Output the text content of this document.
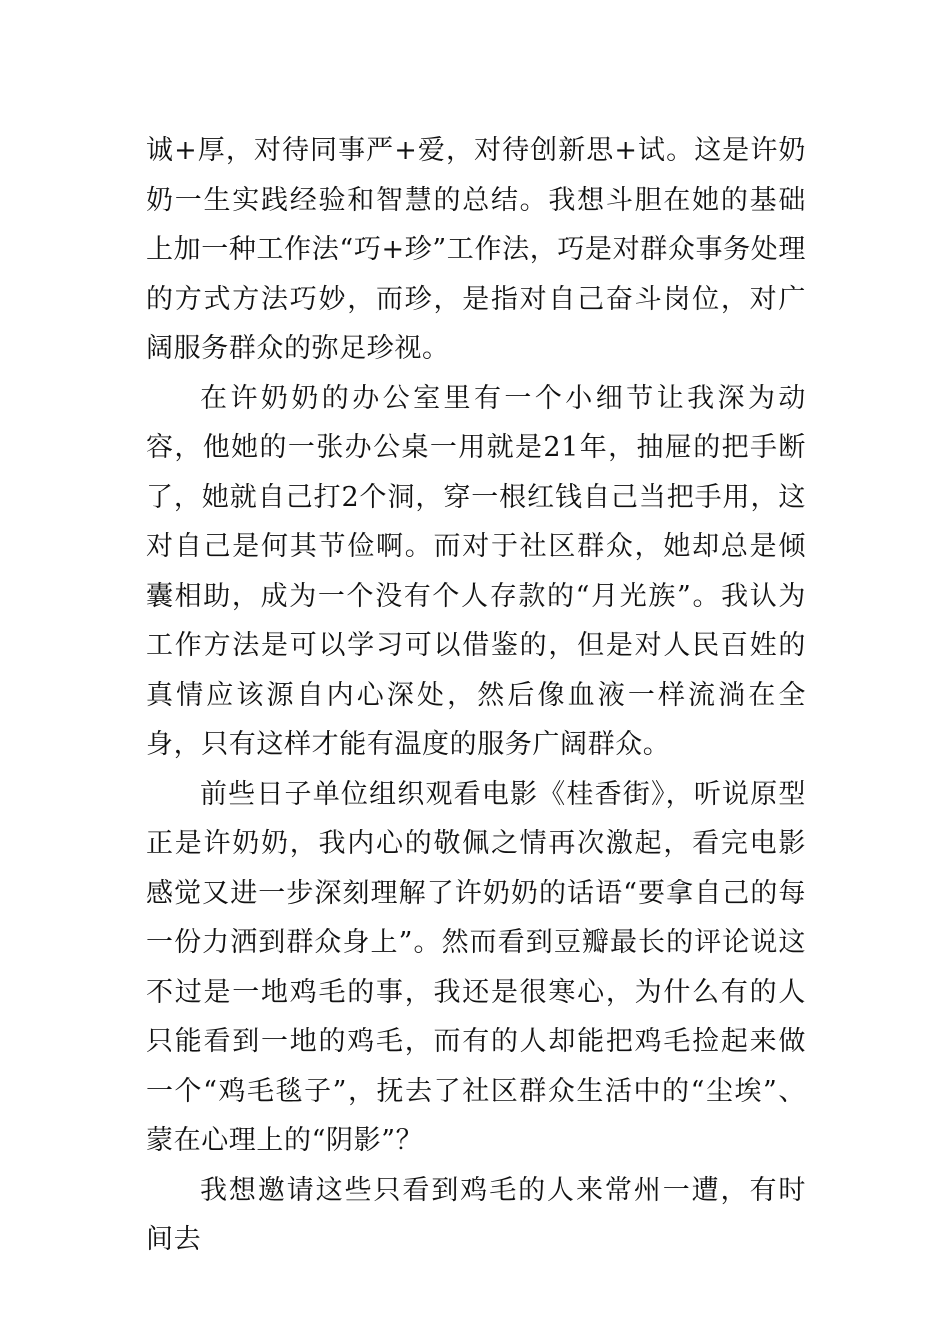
诚+厚，对待同事严+爱，对待创新思+试。这是许奶奶一生实践经验和智慧的总结。我想斗胆在她的基础上加一种工作法“巧+珍”工作法，巧是对群众事务处理的方式方法巧妙，而珍，是指对自己奋斗岗位，对广阔服务群众的弥足珍视。

在许奶奶的办公室里有一个小细节让我深为动容，他她的一张办公桌一用就是21年，抽屉的把手断了，她就自己打2个洞，穿一根红钱自己当把手用，这对自己是何其节俭啊。而对于社区群众，她却总是倾囊相助，成为一个没有个人存款的“月光族”。我认为工作方法是可以学习可以借鉴的，但是对人民百姓的真情应该源自内心深处，然后像血液一样流淌在全身，只有这样才能有温度的服务广阔群众。

前些日子单位组织观看电影《桂香街》，听说原型正是许奶奶，我内心的敬佩之情再次激起，看完电影感觉又进一步深刻理解了许奶奶的话语“要拿自己的每一份力洒到群众身上”。然而看到豆瓣最长的评论说这不过是一地鸡毛的事，我还是很寒心，为什么有的人只能看到一地的鸡毛，而有的人却能把鸡毛捡起来做一个“鸡毛毯子”，抚去了社区群众生活中的“尘埃”、蒙在心理上的“阴影”？

我想邀请这些只看到鸡毛的人来常州一遭，有时间去
